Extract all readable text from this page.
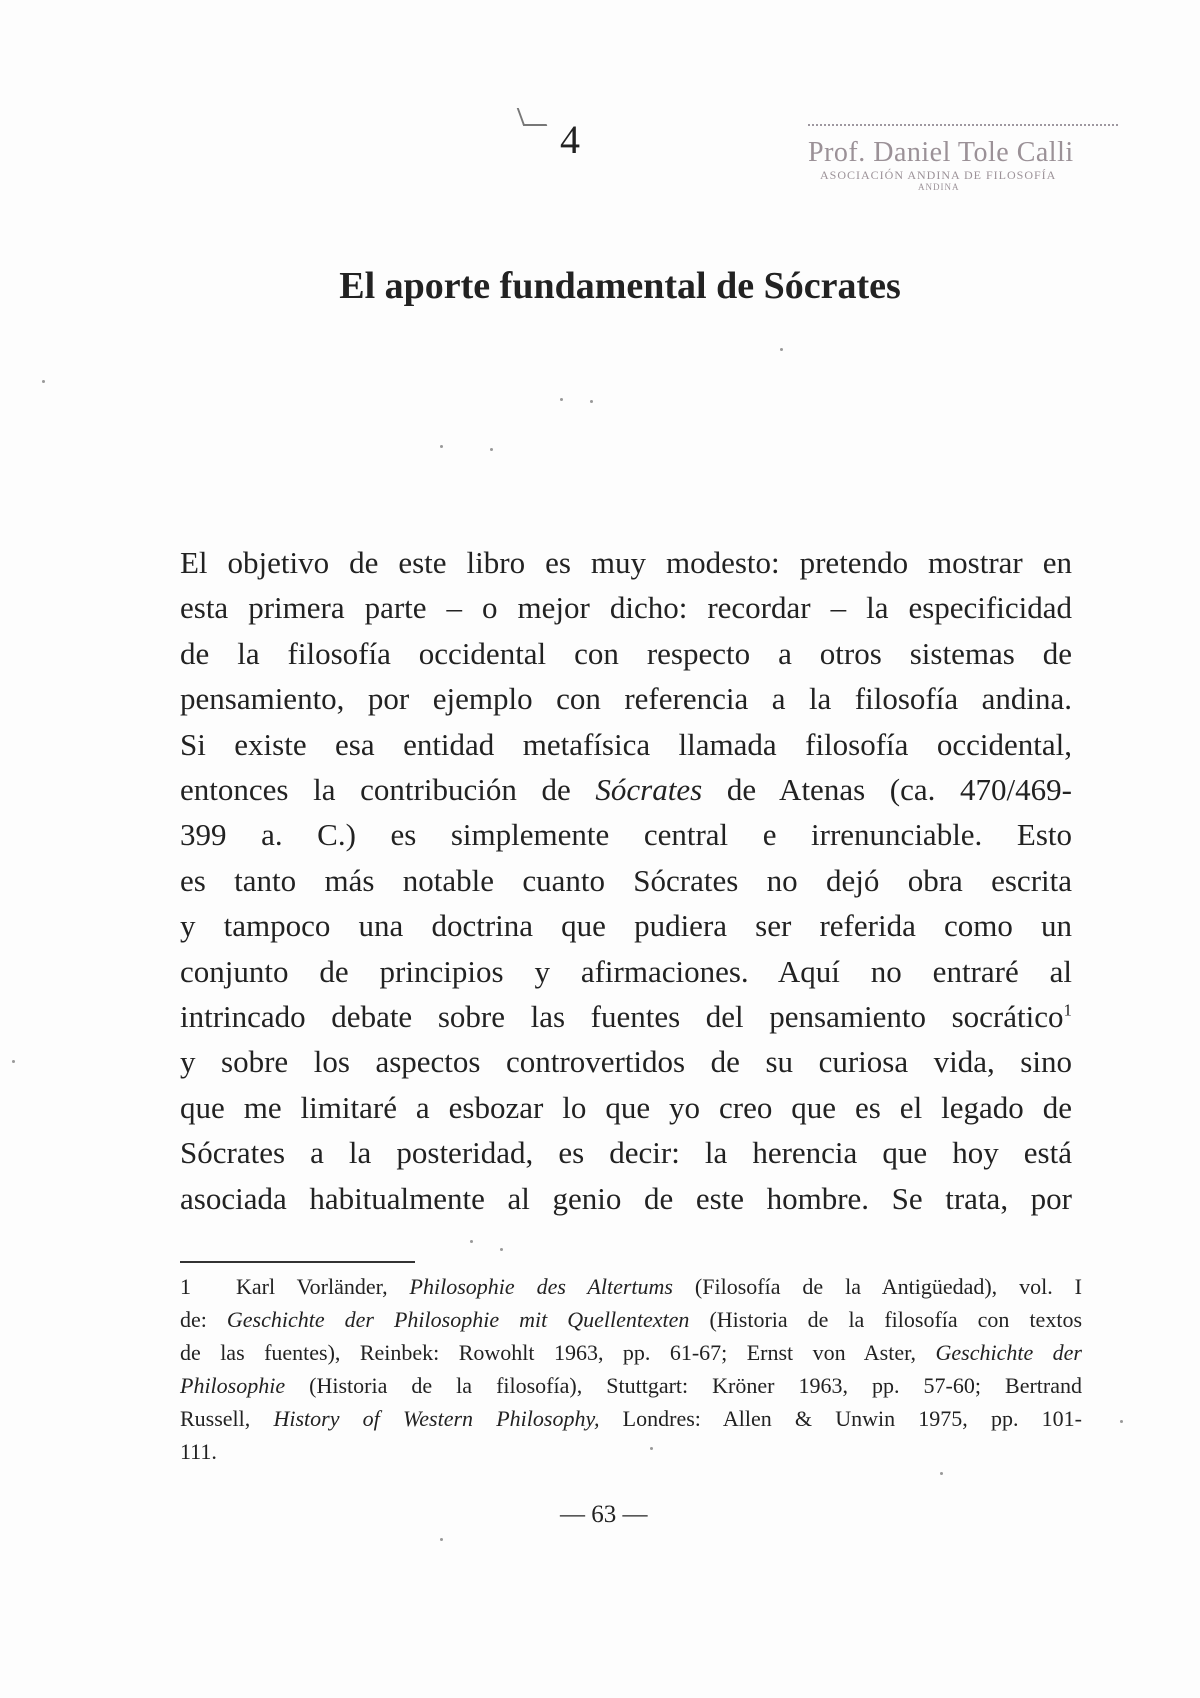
4	Prof. Daniel Tole Calli
ASOCIACIÓN ANDINA DE FILOSOFÍA
ANDINA
El aporte fundamental de Sócrates
El objetivo de este libro es muy modesto: pretendo mostrar en
esta primera parte – o mejor dicho: recordar – la especificidad
de la filosofía occidental con respecto a otros sistemas de
pensamiento, por ejemplo con referencia a la filosofía andina.
Si existe esa entidad metafísica llamada filosofía occidental,
entonces la contribución de Sócrates de Atenas (ca. 470/469-
399 a. C.) es simplemente central e irrenunciable. Esto
es tanto más notable cuanto Sócrates no dejó obra escrita
y tampoco una doctrina que pudiera ser referida como un
conjunto de principios y afirmaciones. Aquí no entraré al
intrincado debate sobre las fuentes del pensamiento socrático$^1$
y sobre los aspectos controvertidos de su curiosa vida, sino
que me limitaré a esbozar lo que yo creo que es el legado de
Sócrates a la posteridad, es decir: la herencia que hoy está
asociada habitualmente al genio de este hombre. Se trata, por
1 Karl Vorländer, Philosophie des Altertums (Filosofía de la Antigüedad), vol. I
de: Geschichte der Philosophie mit Quellentexten (Historia de la filosofía con textos
de las fuentes), Reinbek: Rowohlt 1963, pp. 61-67; Ernst von Aster, Geschichte der
Philosophie (Historia de la filosofía), Stuttgart: Kröner 1963, pp. 57-60; Bertrand
Russell, History of Western Philosophy, Londres: Allen & Unwin 1975, pp. 101-
111.
— 63 —
